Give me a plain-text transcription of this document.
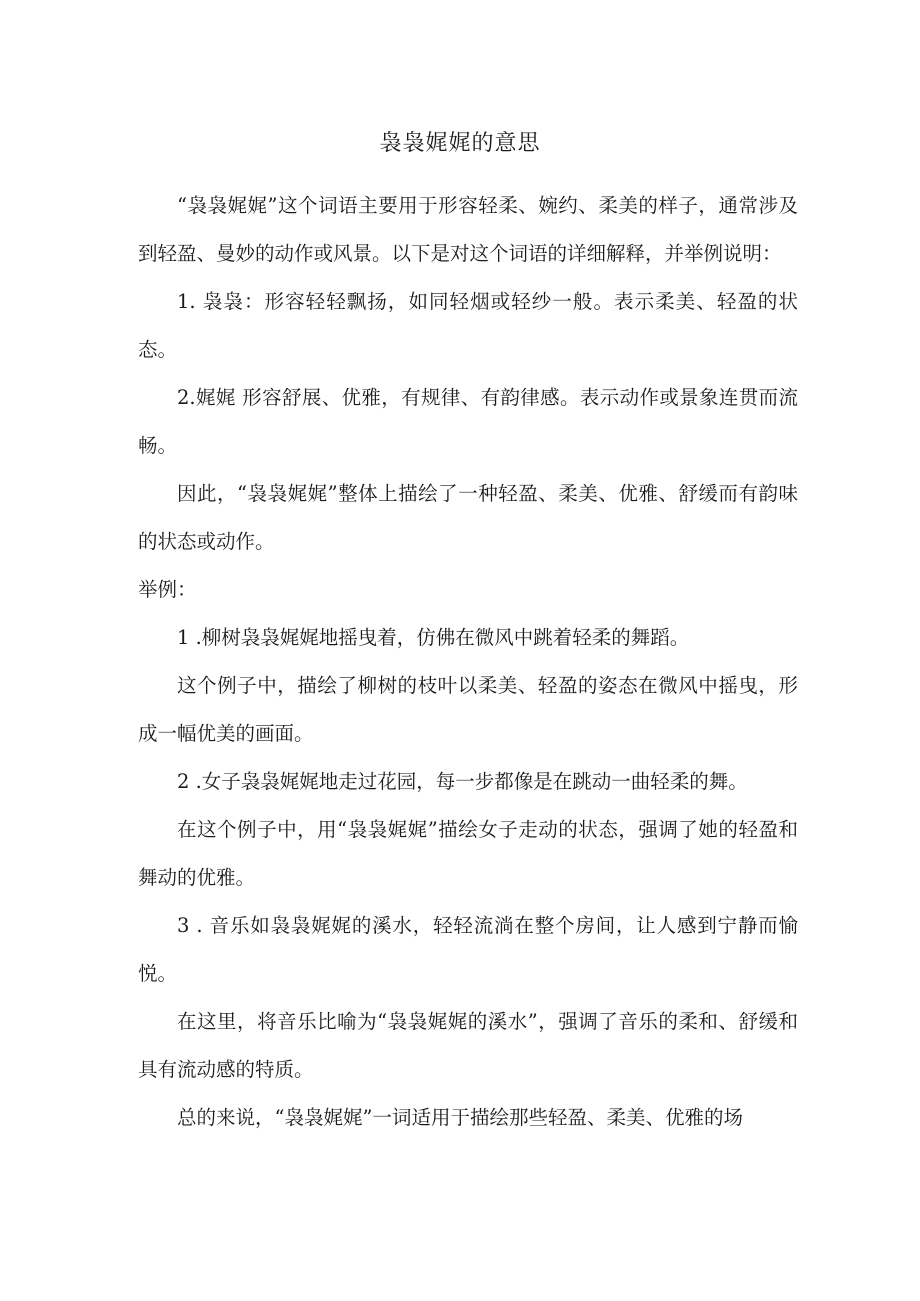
袅袅娓娓的意思

“袅袅娓娓”这个词语主要用于形容轻柔、婉约、柔美的样子，通常涉及到轻盈、曼妙的动作或风景。以下是对这个词语的详细解释，并举例说明：

1. 袅袅：形容轻轻飘扬，如同轻烟或轻纱一般。表示柔美、轻盈的状态。

2.娓娓 形容舒展、优雅，有规律、有韵律感。表示动作或景象连贯而流畅。

因此，“袅袅娓娓”整体上描绘了一种轻盈、柔美、优雅、舒缓而有韵味的状态或动作。

举例：

1 .柳树袅袅娓娓地摇曳着，仿佛在微风中跳着轻柔的舞蹈。

这个例子中，描绘了柳树的枝叶以柔美、轻盈的姿态在微风中摇曳，形成一幅优美的画面。

2 .女子袅袅娓娓地走过花园，每一步都像是在跳动一曲轻柔的舞。

在这个例子中，用“袅袅娓娓”描绘女子走动的状态，强调了她的轻盈和舞动的优雅。

3 . 音乐如袅袅娓娓的溪水，轻轻流淌在整个房间，让人感到宁静而愉悦。

在这里，将音乐比喻为“袅袅娓娓的溪水”，强调了音乐的柔和、舒缓和具有流动感的特质。

总的来说，“袅袅娓娓”一词适用于描绘那些轻盈、柔美、优雅的场
